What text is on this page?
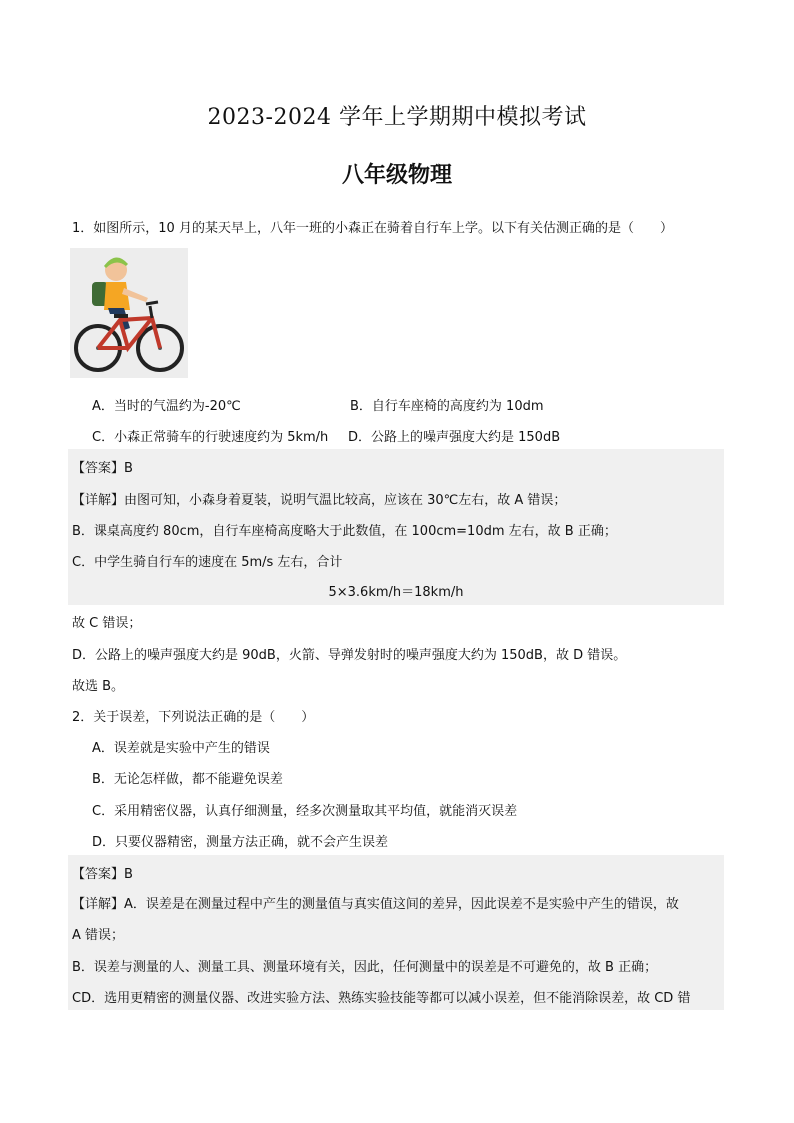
2023-2024 学年上学期期中模拟考试
八年级物理
1．如图所示，10 月的某天早上，八年一班的小森正在骑着自行车上学。以下有关估测正确的是（　　）
A．当时的气温约为-20℃	B．自行车座椅的高度约为 10dm
C．小森正常骑车的行驶速度约为 5km/h D．公路上的噪声强度大约是 150dB
【答案】B
【详解】由图可知，小森身着夏装，说明气温比较高，应该在 30℃左右，故 A 错误；
B．课桌高度约 80cm，自行车座椅高度略大于此数值，在 100cm=10dm 左右，故 B 正确；
C．中学生骑自行车的速度在 5m/s 左右，合计
5×3.6km/h＝18km/h
故 C 错误；
D．公路上的噪声强度大约是 90dB，火箭、导弹发射时的噪声强度大约为 150dB，故 D 错误。
故选 B。
2．关于误差，下列说法正确的是（　　）
A．误差就是实验中产生的错误
B．无论怎样做，都不能避免误差
C．采用精密仪器，认真仔细测量，经多次测量取其平均值，就能消灭误差
D．只要仪器精密，测量方法正确，就不会产生误差
【答案】B
【详解】A．误差是在测量过程中产生的测量值与真实值这间的差异，因此误差不是实验中产生的错误，故
A 错误；
B．误差与测量的人、测量工具、测量环境有关，因此，任何测量中的误差是不可避免的，故 B 正确；
CD．选用更精密的测量仪器、改进实验方法、熟练实验技能等都可以减小误差，但不能消除误差，故 CD 错
